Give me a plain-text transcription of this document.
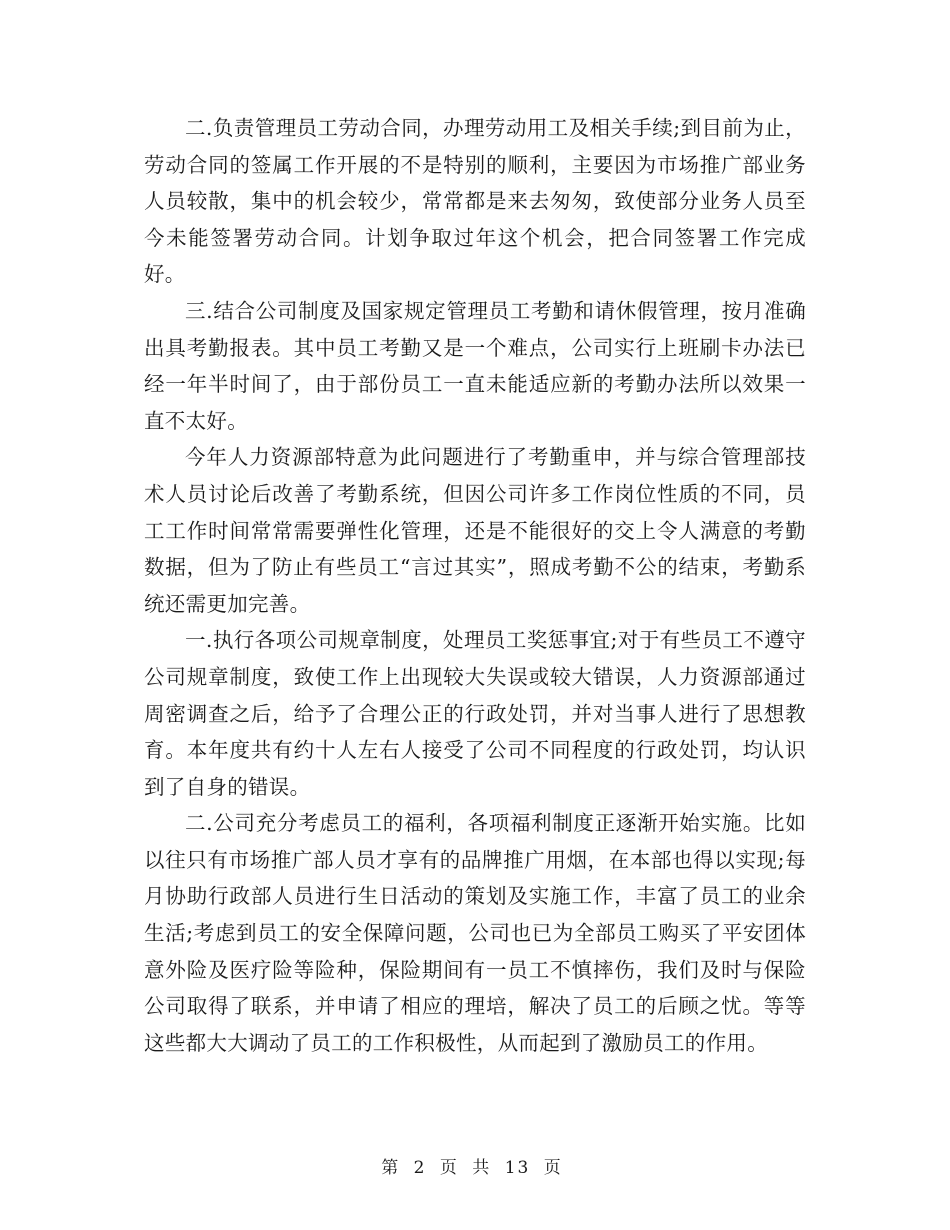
二.负责管理员工劳动合同，办理劳动用工及相关手续;到目前为止，劳动合同的签属工作开展的不是特别的顺利，主要因为市场推广部业务人员较散，集中的机会较少，常常都是来去匆匆，致使部分业务人员至今未能签署劳动合同。计划争取过年这个机会，把合同签署工作完成好。

三.结合公司制度及国家规定管理员工考勤和请休假管理，按月准确出具考勤报表。其中员工考勤又是一个难点，公司实行上班刷卡办法已经一年半时间了，由于部份员工一直未能适应新的考勤办法所以效果一直不太好。

今年人力资源部特意为此问题进行了考勤重申，并与综合管理部技术人员讨论后改善了考勤系统，但因公司许多工作岗位性质的不同，员工工作时间常常需要弹性化管理，还是不能很好的交上令人满意的考勤数据，但为了防止有些员工“言过其实”，照成考勤不公的结束，考勤系统还需更加完善。

一.执行各项公司规章制度，处理员工奖惩事宜;对于有些员工不遵守公司规章制度，致使工作上出现较大失误或较大错误，人力资源部通过周密调查之后，给予了合理公正的行政处罚，并对当事人进行了思想教育。本年度共有约十人左右人接受了公司不同程度的行政处罚，均认识到了自身的错误。

二.公司充分考虑员工的福利，各项福利制度正逐渐开始实施。比如以往只有市场推广部人员才享有的品牌推广用烟，在本部也得以实现;每月协助行政部人员进行生日活动的策划及实施工作，丰富了员工的业余生活;考虑到员工的安全保障问题，公司也已为全部员工购买了平安团体意外险及医疗险等险种，保险期间有一员工不慎摔伤，我们及时与保险公司取得了联系，并申请了相应的理培，解决了员工的后顾之忧。等等这些都大大调动了员工的工作积极性，从而起到了激励员工的作用。

第 2 页 共 13 页
